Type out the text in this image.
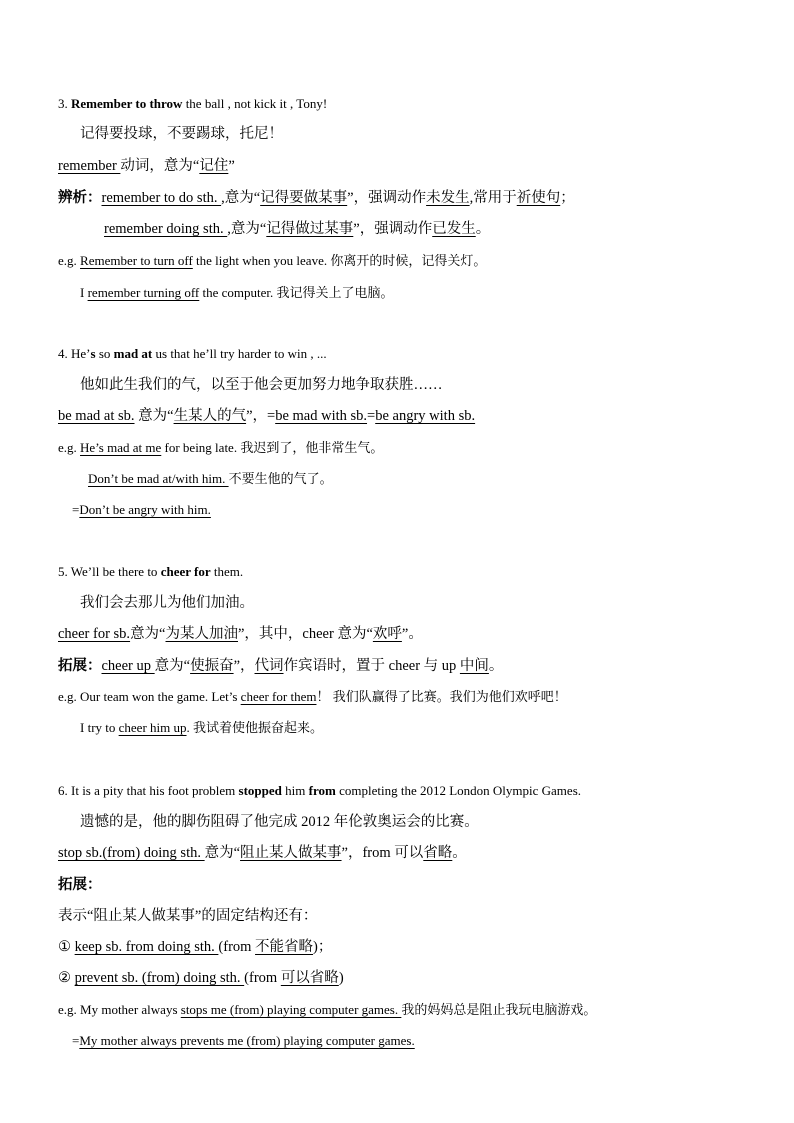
3. Remember to throw the ball , not kick it , Tony!
记得要投球，不要踢球，托尼！
remember 动词，意为“记住”
辨析：remember to do sth. ,意为“记得要做某事”，强调动作未发生,常用于祈使句；
remember doing sth. ,意为“记得做过某事”，强调动作已发生。
e.g. Remember to turn off the light when you leave. 你离开的时候，记得关灯。
I remember turning off the computer. 我记得关上了电脑。
4. He’s so mad at us that he’ll try harder to win , ...
他如此生我们的气，以至于他会更加努力地争取获胜……
be mad at sb. 意为“生某人的气”，=be mad with sb.=be angry with sb.
e.g. He’s mad at me for being late. 我迟到了，他非常生气。
Don’t be mad at/with him. 不要生他的气了。
=Don’t be angry with him.
5. We’ll be there to cheer for them.
我们会去那儿为他们加油。
cheer for sb.意为“为某人加油”，其中，cheer 意为“欢呼”。
拓展：cheer up 意为“使振奋”，代词作宾语时，置于 cheer 与 up 中间。
e.g. Our team won the game. Let’s cheer for them！ 我们队赢得了比赛。我们为他们欢呼吧！
I try to cheer him up. 我试着使他振奋起来。
6. It is a pity that his foot problem stopped him from completing the 2012 London Olympic Games.
遗憾的是，他的脚伤阻碍了他完成 2012 年伦敦奥运会的比赛。
stop sb.(from) doing sth. 意为“阻止某人做某事”，from 可以省略。
拓展：
表示“阻止某人做某事”的固定结构还有：
① keep sb. from doing sth. (from 不能省略)；
② prevent sb. (from) doing sth. (from 可以省略)
e.g. My mother always stops me (from) playing computer games. 我的妈妈总是阻止我玩电脑游戏。
=My mother always prevents me (from) playing computer games.
